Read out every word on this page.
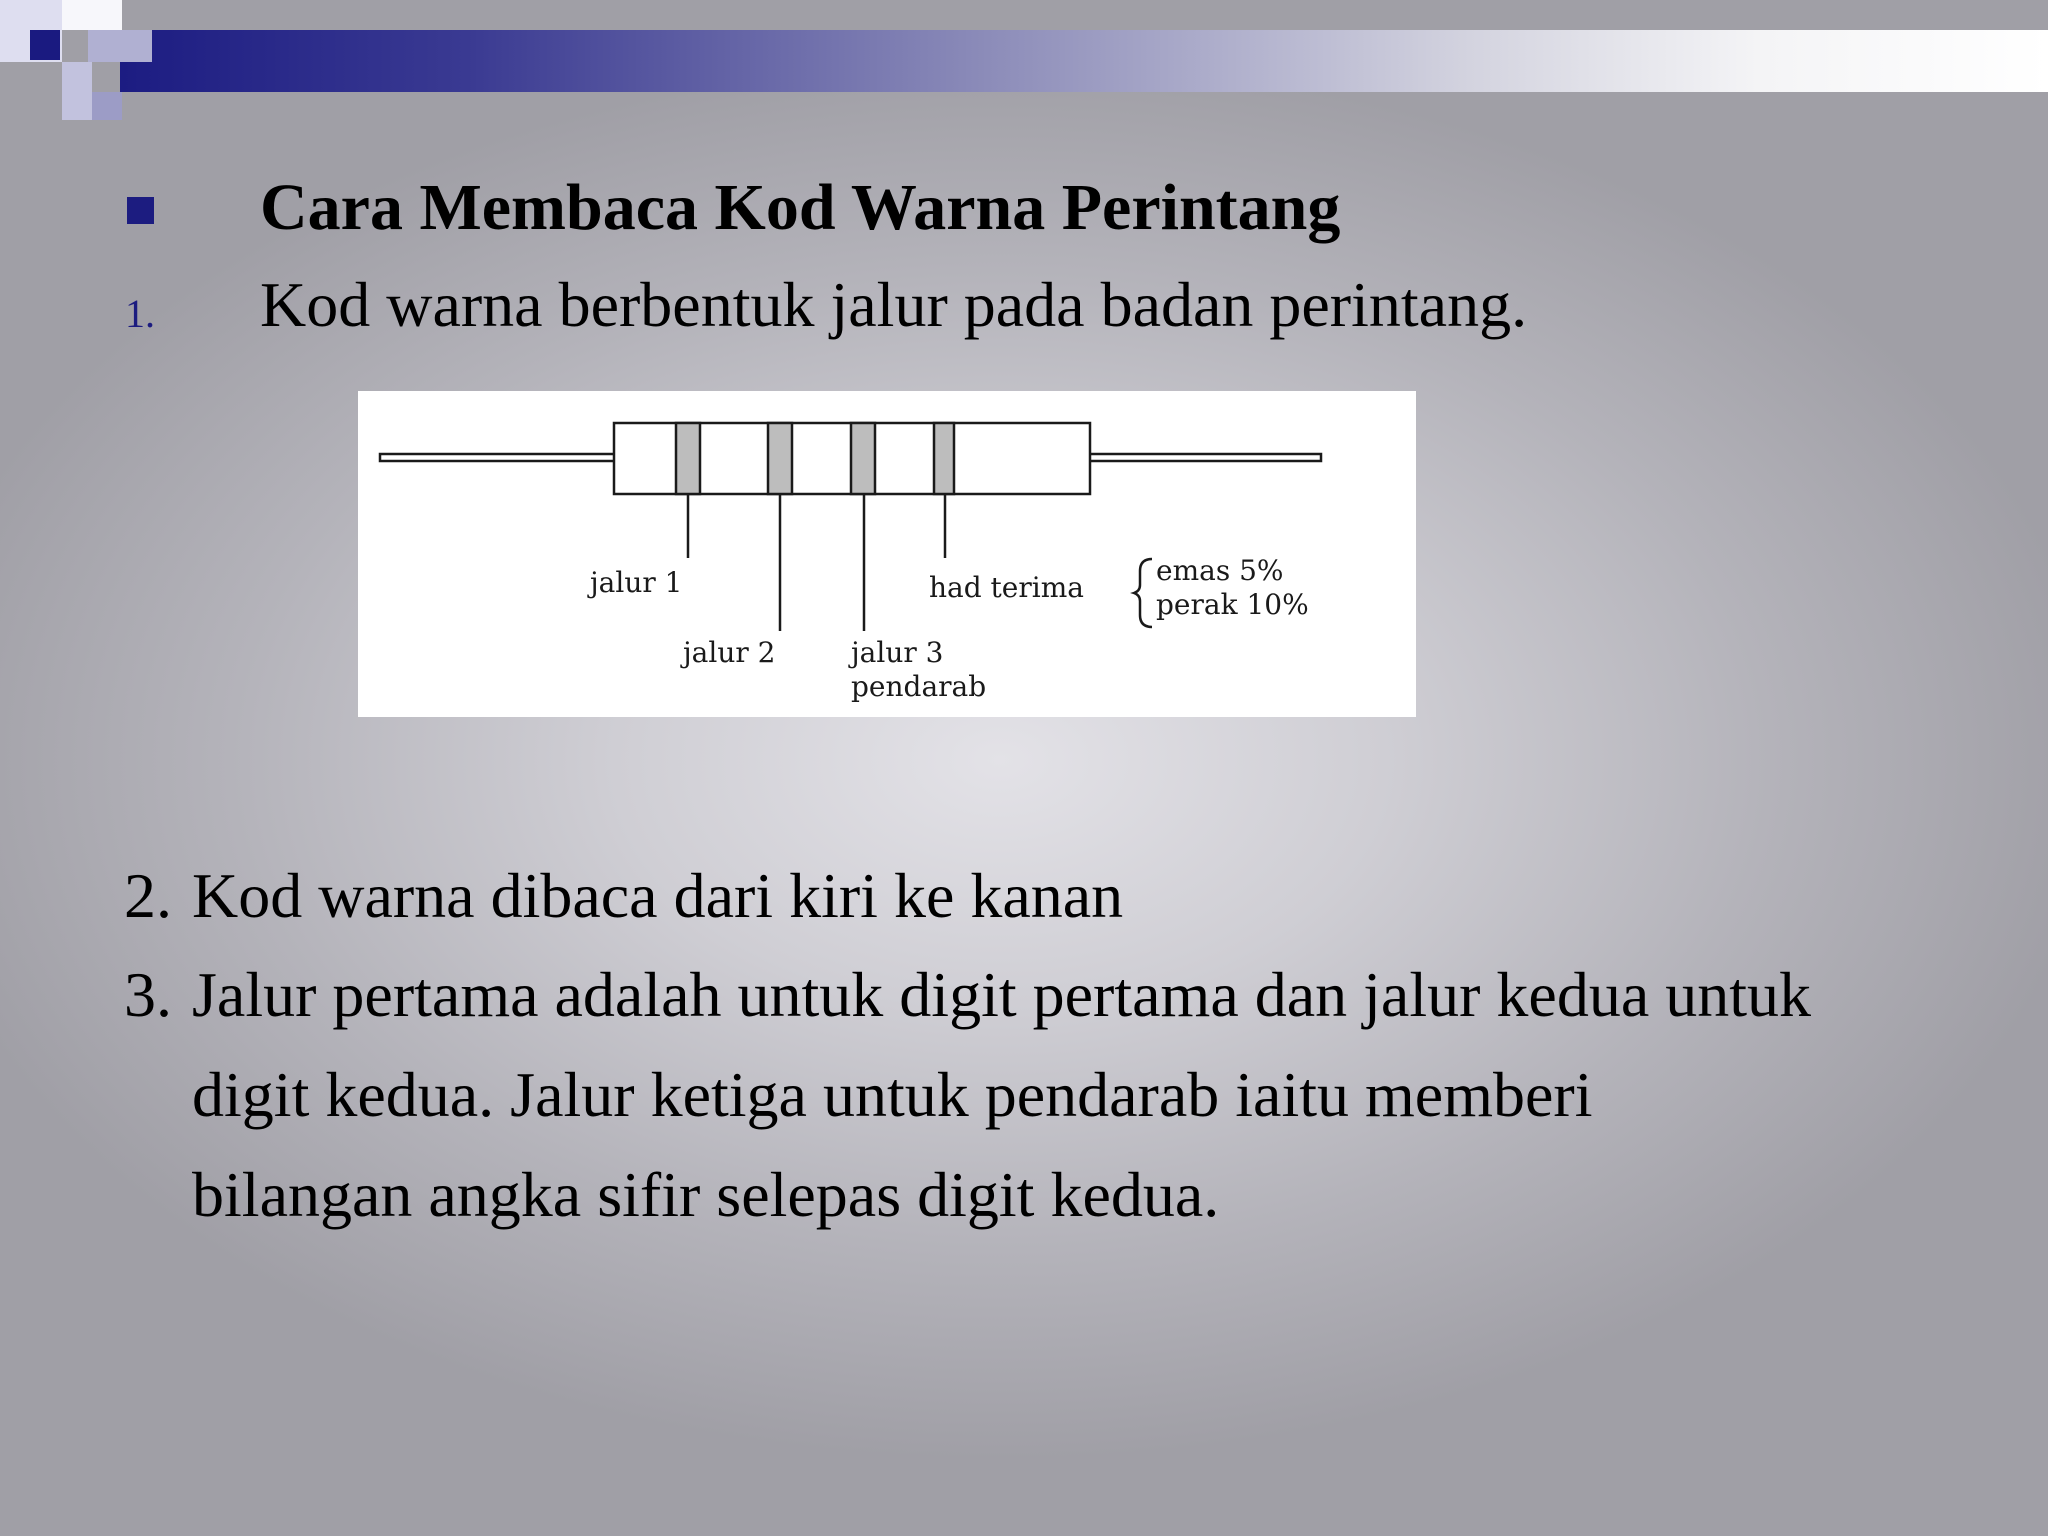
Cara Membaca Kod Warna Perintang
1. Kod warna berbentuk jalur pada badan perintang.
jalur 1
jalur 2	jalur 3
pendarab
had terima
emas 5%
perak 10%
2. Kod warna dibaca dari kiri ke kanan
3. Jalur pertama adalah untuk digit pertama dan jalur kedua untuk
digit kedua. Jalur ketiga untuk pendarab iaitu memberi
bilangan angka sifir selepas digit kedua.
